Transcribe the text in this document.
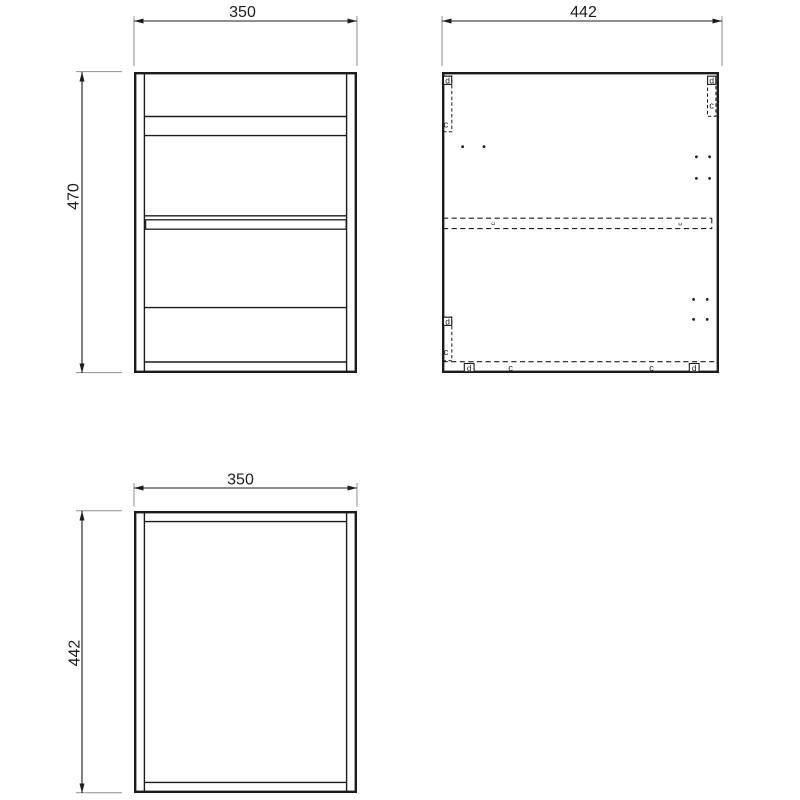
350
470
442
c	c
d
c
d
c
d
c
d	c	c	d
350
442
